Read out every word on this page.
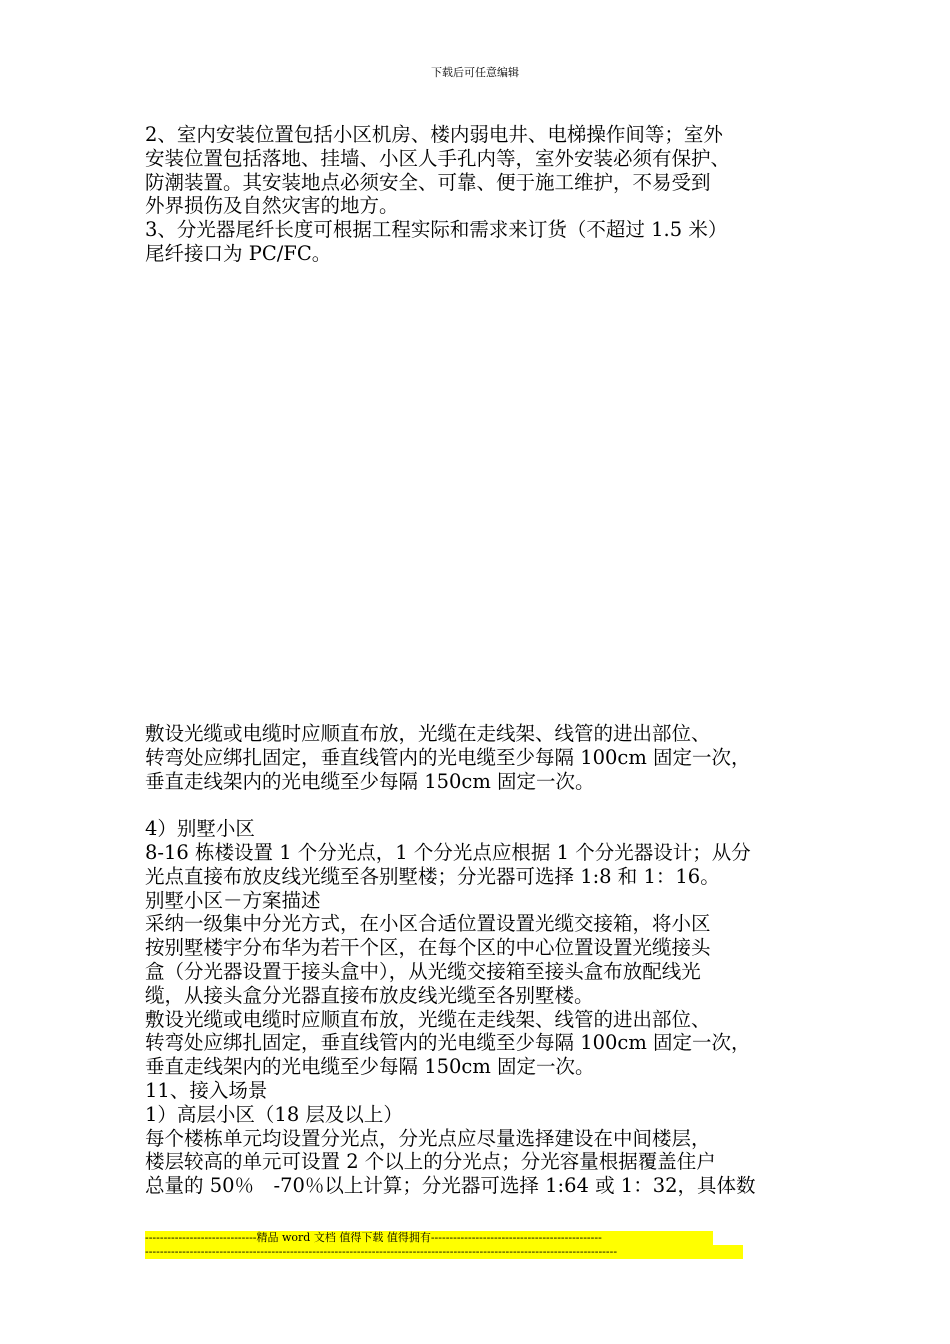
下载后可任意编辑
2、室内安装位置包括小区机房、楼内弱电井、电梯操作间等；室外
安装位置包括落地、挂墙、小区人手孔内等，室外安装必须有保护、
防潮装置。其安装地点必须安全、可靠、便于施工维护，不易受到
外界损伤及自然灾害的地方。
3、分光器尾纤长度可根据工程实际和需求来订货（不超过 1.5 米）
尾纤接口为 PC/FC。
敷设光缆或电缆时应顺直布放，光缆在走线架、线管的进出部位、
转弯处应绑扎固定，垂直线管内的光电缆至少每隔 100cm 固定一次，
垂直走线架内的光电缆至少每隔 150cm 固定一次。
4）别墅小区
8-16 栋楼设置 1 个分光点，1 个分光点应根据 1 个分光器设计；从分
光点直接布放皮线光缆至各别墅楼；分光器可选择 1:8 和 1：16。
别墅小区－方案描述
采纳一级集中分光方式，在小区合适位置设置光缆交接箱，将小区
按别墅楼宇分布华为若干个区，在每个区的中心位置设置光缆接头
盒（分光器设置于接头盒中），从光缆交接箱至接头盒布放配线光
缆，从接头盒分光器直接布放皮线光缆至各别墅楼。
敷设光缆或电缆时应顺直布放，光缆在走线架、线管的进出部位、
转弯处应绑扎固定，垂直线管内的光电缆至少每隔 100cm 固定一次，
垂直走线架内的光电缆至少每隔 150cm 固定一次。
11、接入场景
1）高层小区（18 层及以上）
每个楼栋单元均设置分光点，分光点应尽量选择建设在中间楼层，
楼层较高的单元可设置 2 个以上的分光点；分光容量根据覆盖住户
总量的 50％　-70％以上计算；分光器可选择 1:64 或 1：32，具体数
------------------------------精品 word 文档 值得下载 值得拥有----------------------------------------------
-------------------------------------------------------------------------------------------------------------------------------
